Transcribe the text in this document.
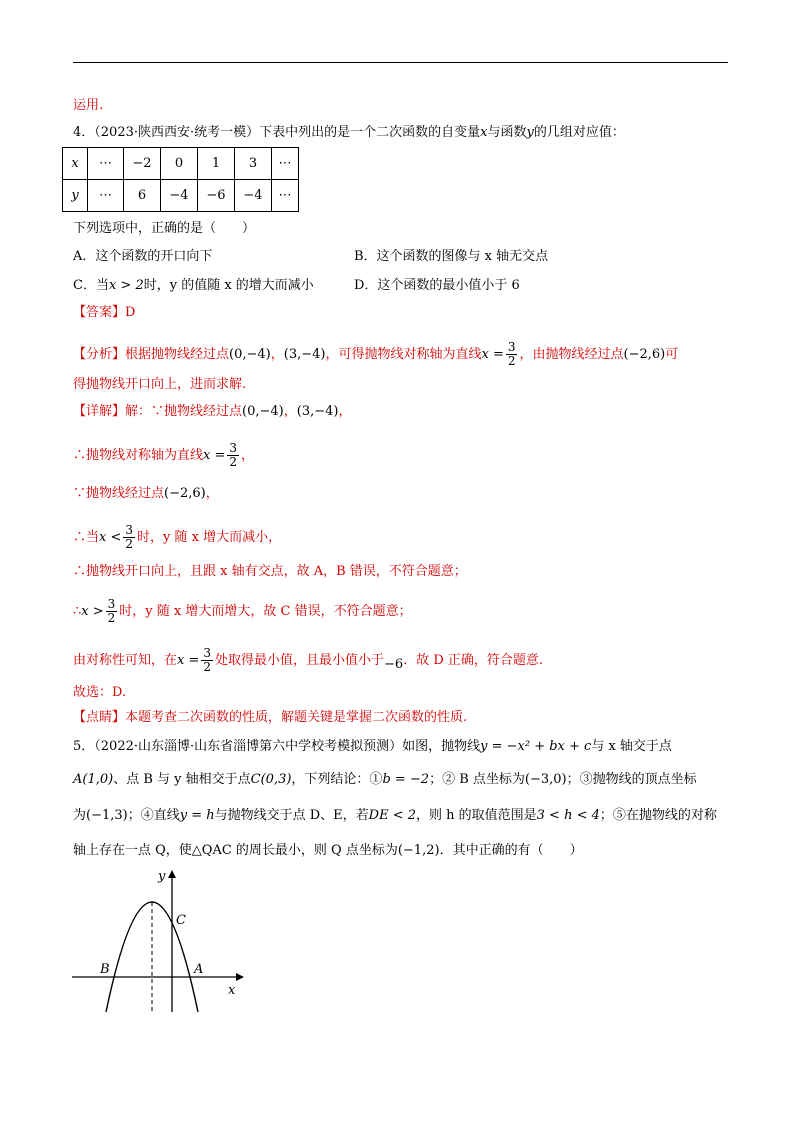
运用.
4．（2023·陕西西安·统考一模）下表中列出的是一个二次函数的自变量x与函数y的几组对应值：
x	⋯	−2	0	1	3	⋯
y	⋯	6	−4	−6	−4	⋯
下列选项中，正确的是（　　）
A．这个函数的开口向下	B．这个函数的图像与 x 轴无交点
C．当x > 2时，y 的值随 x 的增大而减小	D．这个函数的最小值小于 6
【答案】D
【分析】根据抛物线经过点(0,−4)，(3,−4)，可得抛物线对称轴为直线$x = \frac{3}{2}$ ，由抛物线经过点(−2,6)可
得抛物线开口向上，进而求解.
【详解】解：∵抛物线经过点(0,−4)，(3,−4)，
∴抛物线对称轴为直线$x = \frac{3}{2}$ ，
∵抛物线经过点(−2,6)，
∴当$x < \frac{3}{2}$ 时，y 随 x 增大而减小，
∴抛物线开口向上，且跟 x 轴有交点，故 A，B 错误，不符合题意；
∴x > $\frac{3}{2}$ 时，y 随 x 增大而增大，故 C 错误，不符合题意；
由对称性可知，在$x = \frac{3}{2}$ 处取得最小值，且最小值小于−6．故 D 正确，符合题意.
故选：D.
【点睛】本题考查二次函数的性质，解题关键是掌握二次函数的性质.
5．（2022·山东淄博·山东省淄博第六中学校考模拟预测）如图，抛物线y = −x² + bx + c与 x 轴交于点
A(1,0)、点 B 与 y 轴相交于点C(0,3)，下列结论：①b = −2；② B 点坐标为(−3,0)；③抛物线的顶点坐标
为(−1,3)；④直线y = h与抛物线交于点 D、E，若DE < 2，则 h 的取值范围是3 < h < 4；⑤在抛物线的对称
轴上存在一点 Q，使△QAC 的周长最小，则 Q 点坐标为(−1,2)．其中正确的有（　　）
y
x
C
B	A
